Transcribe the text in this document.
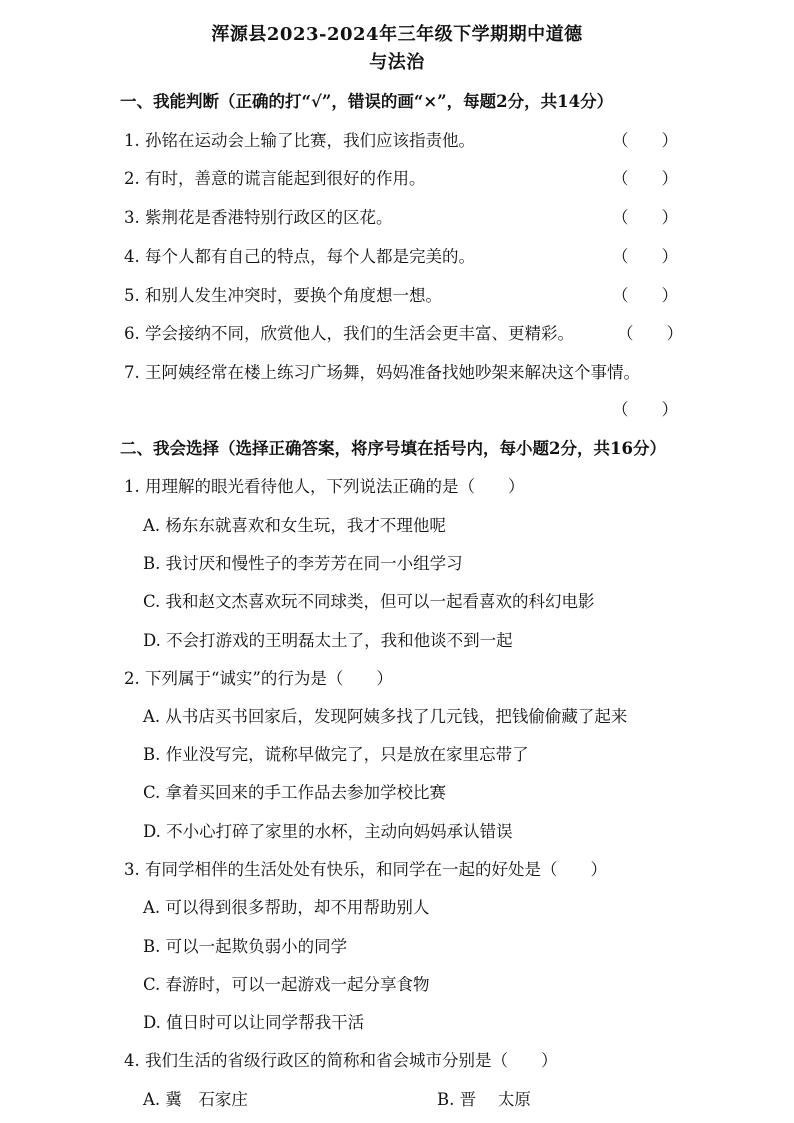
浑源县2023-2024年三年级下学期期中道德
与法治
一、我能判断（正确的打“√”，错误的画“×”，每题2分，共14分）
1. 孙铭在运动会上输了比赛，我们应该指责他。	（　　）
2. 有时，善意的谎言能起到很好的作用。	（　　）
3. 紫荆花是香港特别行政区的区花。	（　　）
4. 每个人都有自己的特点，每个人都是完美的。	（　　）
5. 和别人发生冲突时，要换个角度想一想。	（　　）
6. 学会接纳不同，欣赏他人，我们的生活会更丰富、更精彩。	（　　）
7. 王阿姨经常在楼上练习广场舞，妈妈准备找她吵架来解决这个事情。
（　　）
二、我会选择（选择正确答案，将序号填在括号内，每小题2分，共16分）
1. 用理解的眼光看待他人，下列说法正确的是（　　）
A. 杨东东就喜欢和女生玩，我才不理他呢
B. 我讨厌和慢性子的李芳芳在同一小组学习
C. 我和赵文杰喜欢玩不同球类，但可以一起看喜欢的科幻电影
D. 不会打游戏的王明磊太土了，我和他谈不到一起
2. 下列属于“诚实”的行为是（　　）
A. 从书店买书回家后，发现阿姨多找了几元钱，把钱偷偷藏了起来
B. 作业没写完，谎称早做完了，只是放在家里忘带了
C. 拿着买回来的手工作品去参加学校比赛
D. 不小心打碎了家里的水杯，主动向妈妈承认错误
3. 有同学相伴的生活处处有快乐，和同学在一起的好处是（　　）
A. 可以得到很多帮助，却不用帮助别人
B. 可以一起欺负弱小的同学
C. 春游时，可以一起游戏一起分享食物
D. 值日时可以让同学帮我干活
4. 我们生活的省级行政区的简称和省会城市分别是（　　）
A. 冀　石家庄	B. 晋　 太原
